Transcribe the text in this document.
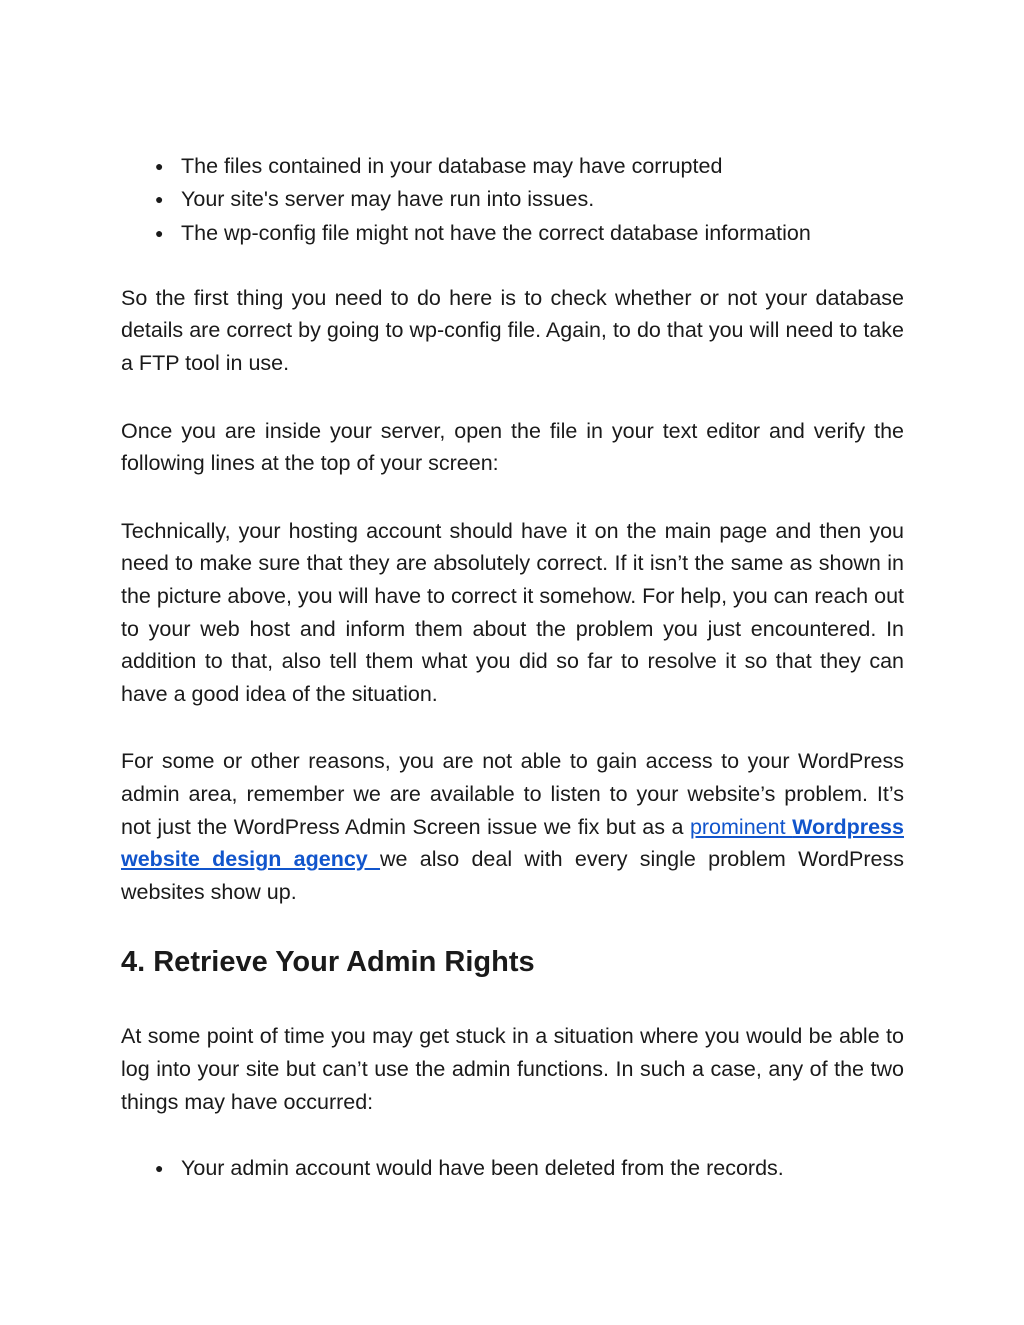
● The files contained in your database may have corrupted
● Your site's server may have run into issues.
● The wp-config file might not have the correct database information

So the first thing you need to do here is to check whether or not your database details are correct by going to wp-config file. Again, to do that you will need to take a FTP tool in use.

Once you are inside your server, open the file in your text editor and verify the following lines at the top of your screen:

Technically, your hosting account should have it on the main page and then you need to make sure that they are absolutely correct. If it isn’t the same as shown in the picture above, you will have to correct it somehow. For help, you can reach out to your web host and inform them about the problem you just encountered. In addition to that, also tell them what you did so far to resolve it so that they can have a good idea of the situation.

For some or other reasons, you are not able to gain access to your WordPress admin area, remember we are available to listen to your website’s problem. It’s not just the WordPress Admin Screen issue we fix but as a prominent Wordpress website design agency we also deal with every single problem WordPress websites show up.

4. Retrieve Your Admin Rights

At some point of time you may get stuck in a situation where you would be able to log into your site but can’t use the admin functions. In such a case, any of the two things may have occurred:

● Your admin account would have been deleted from the records.
